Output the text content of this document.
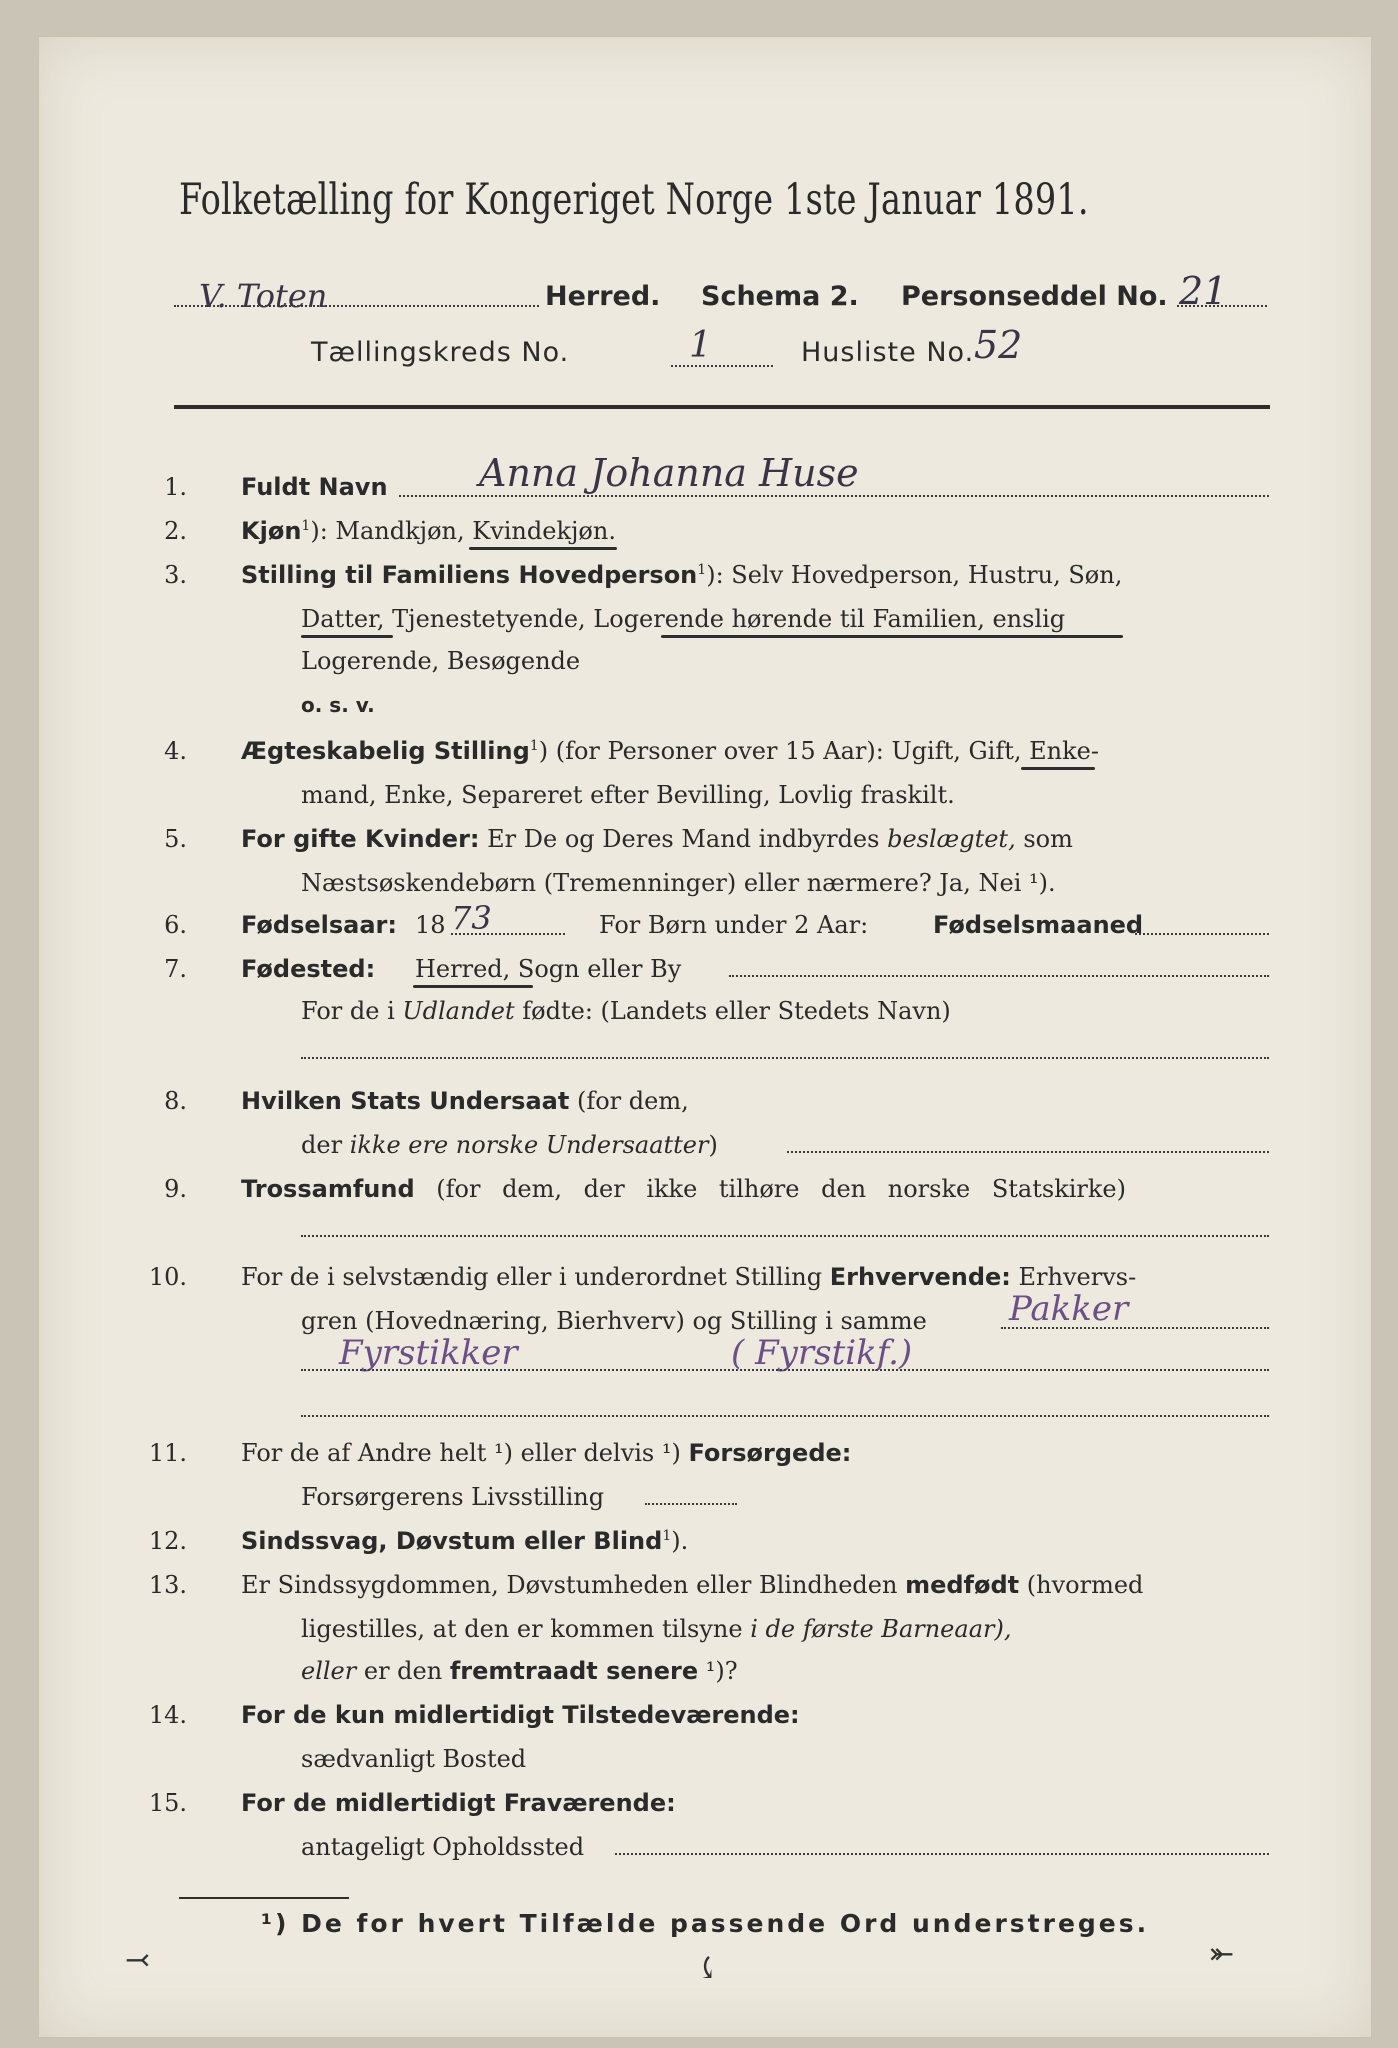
Folketælling for Kongeriget Norge 1ste Januar 1891.
V. Toten	Herred. Schema 2. Personseddel No. 21
Tællingskreds No.	1	Husliste No. 52
1. Fuldt Navn Anna Johanna Huse
2. Kjøn$^1$): Mandkjøn, Kvindekjøn.
3. Stilling til Familiens Hovedperson$^1$): Selv Hovedperson, Hustru, Søn,
Datter, Tjenestetyende, Logerende hørende til Familien, enslig
Logerende, Besøgende
o. s. v.
4. Ægteskabelig Stilling$^1$) (for Personer over 15 Aar): Ugift, Gift, Enke-
mand, Enke, Separeret efter Bevilling, Lovlig fraskilt.
5. For gifte Kvinder: Er De og Deres Mand indbyrdes beslægtet, som
Næstsøskendebørn (Tremenninger) eller nærmere? Ja, Nei ¹).
6. Fødselsaar: 18 73	For Børn under 2 Aar:	Fødselsmaaned
7. Fødested: Herred, Sogn eller By
For de i Udlandet fødte: (Landets eller Stedets Navn)
8. Hvilken Stats Undersaat (for dem,
der ikke ere norske Undersaatter)
9. Trossamfund (for dem, der ikke tilhøre den norske Statskirke)
10. For de i selvstændig eller i underordnet Stilling Erhvervende: Erhvervs-
gren (Hovednæring, Bierhverv) og Stilling i samme Pakker
Fyrstikker	( Fyrstikf.)
11. For de af Andre helt ¹) eller delvis ¹) Forsørgede:
Forsørgerens Livsstilling
12. Sindssvag, Døvstum eller Blind$^1$).
13. Er Sindssygdommen, Døvstumheden eller Blindheden medfødt (hvormed
ligestilles, at den er kommen tilsyne i de første Barneaar),
eller er den fremtraadt senere ¹)?
14. For de kun midlertidigt Tilstedeværende:
sædvanligt Bosted
15. For de midlertidigt Fraværende:
antageligt Opholdssted
¹) De for hvert Tilfælde passende Ord understreges.
⤙	⤹	⤜
